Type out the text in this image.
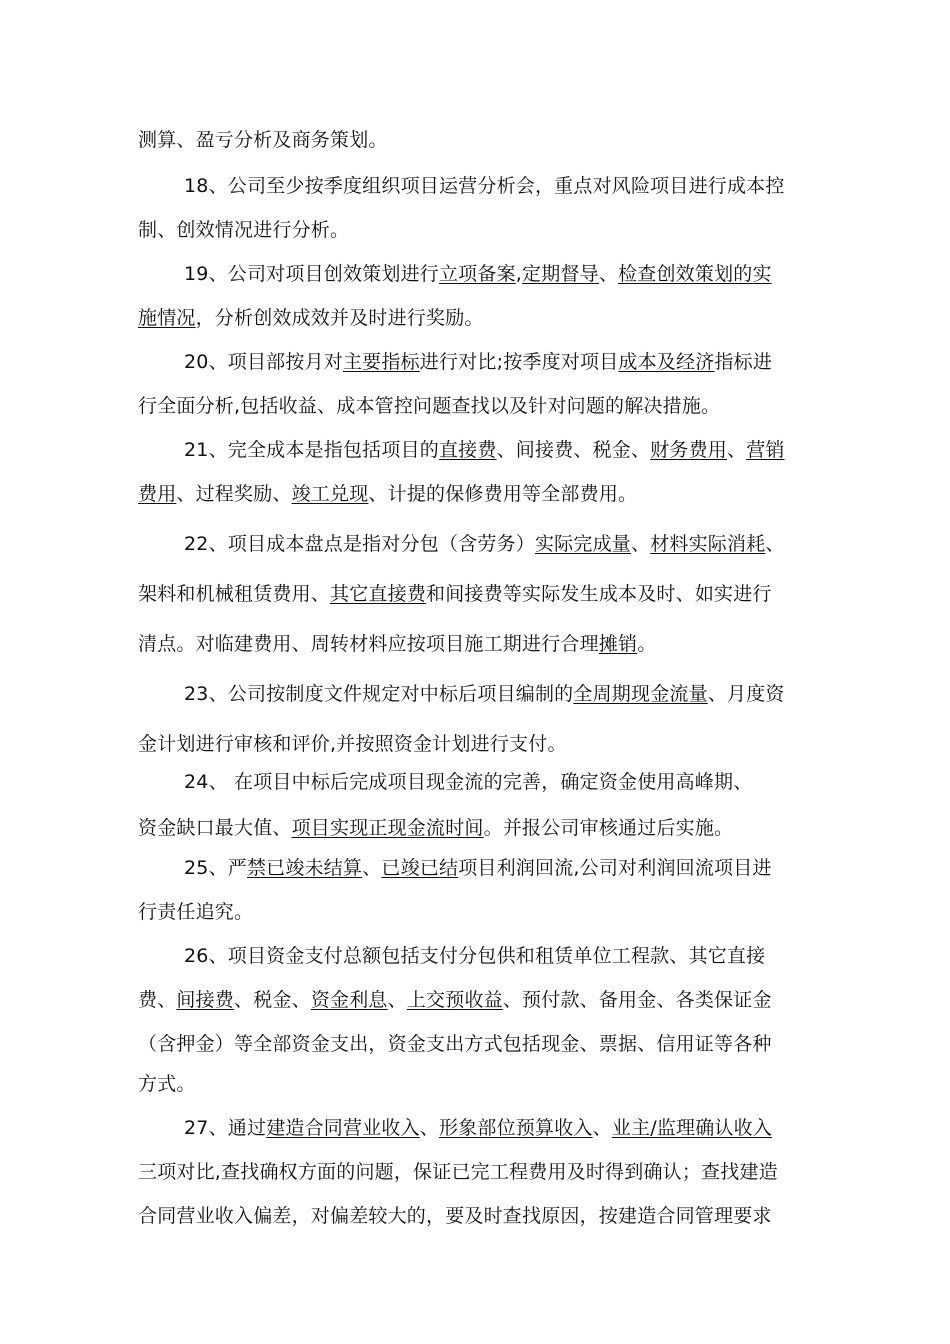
测算、盈亏分析及商务策划。
18、公司至少按季度组织项目运营分析会，重点对风险项目进行成本控
制、创效情况进行分析。
19、公司对项目创效策划进行立项备案,定期督导、检查创效策划的实
施情况，分析创效成效并及时进行奖励。
20、项目部按月对主要指标进行对比;按季度对项目成本及经济指标进
行全面分析,包括收益、成本管控问题查找以及针对问题的解决措施。
21、完全成本是指包括项目的直接费、间接费、税金、财务费用、营销
费用、过程奖励、竣工兑现、计提的保修费用等全部费用。
22、项目成本盘点是指对分包（含劳务）实际完成量、材料实际消耗、
架料和机械租赁费用、其它直接费和间接费等实际发生成本及时、如实进行
清点。对临建费用、周转材料应按项目施工期进行合理摊销。
23、公司按制度文件规定对中标后项目编制的全周期现金流量、月度资
金计划进行审核和评价,并按照资金计划进行支付。
24、 在项目中标后完成项目现金流的完善，确定资金使用高峰期、
资金缺口最大值、项目实现正现金流时间。并报公司审核通过后实施。
25、严禁已竣未结算、已竣已结项目利润回流,公司对利润回流项目进
行责任追究。
26、项目资金支付总额包括支付分包供和租赁单位工程款、其它直接
费、间接费、税金、资金利息、上交预收益、预付款、备用金、各类保证金
（含押金）等全部资金支出，资金支出方式包括现金、票据、信用证等各种
方式。
27、通过建造合同营业收入、形象部位预算收入、业主/监理确认收入
三项对比,查找确权方面的问题，保证已完工程费用及时得到确认；查找建造
合同营业收入偏差，对偏差较大的，要及时查找原因，按建造合同管理要求
